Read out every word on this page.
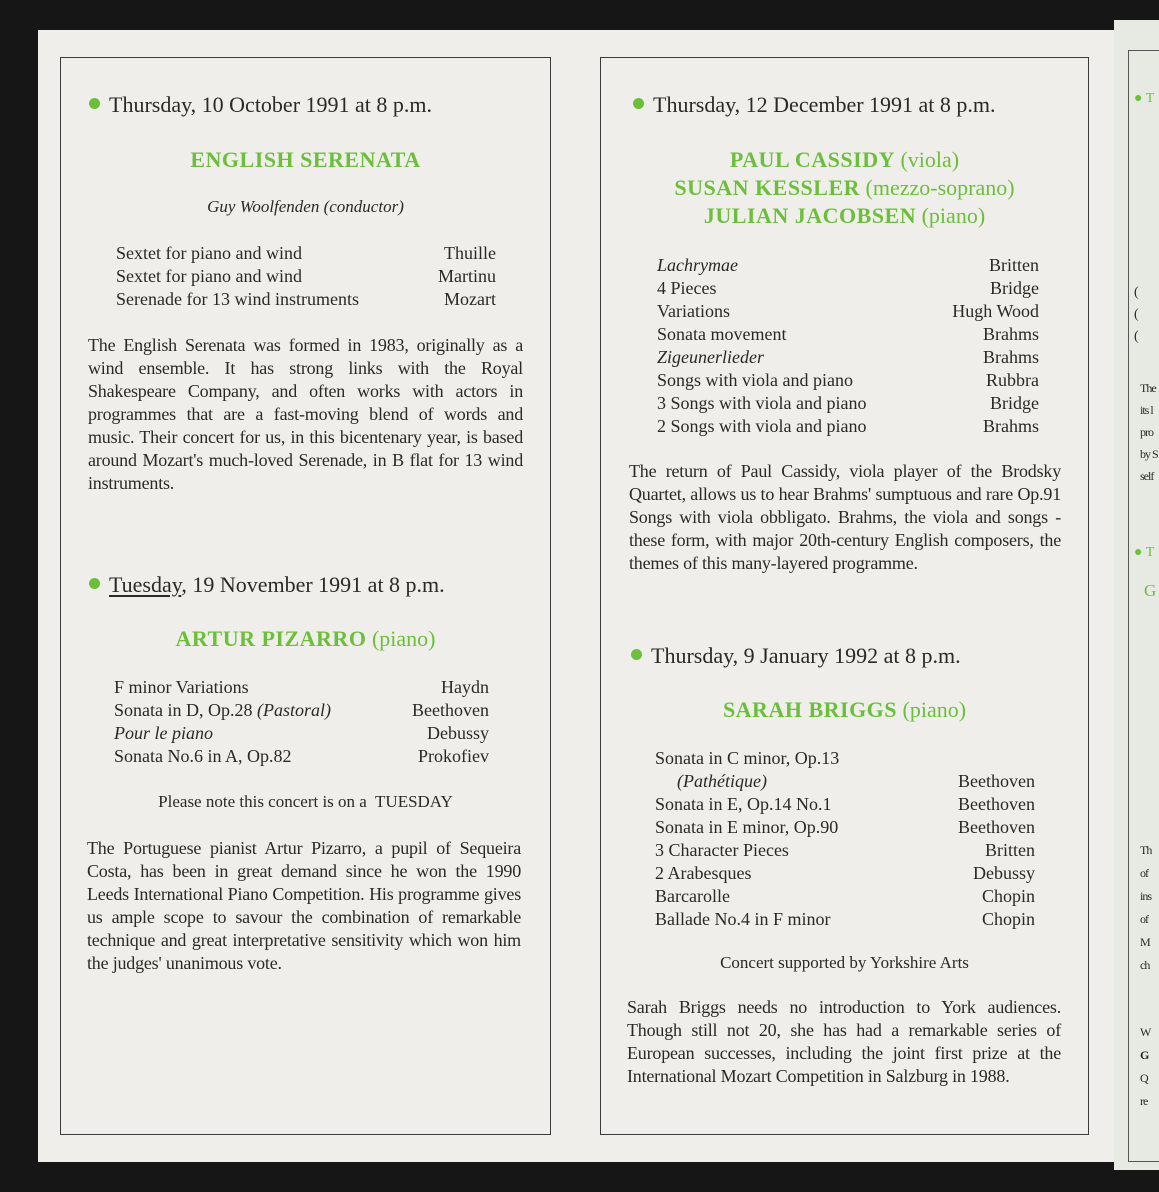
● T
(
(
(
The
its l
pro
by S
self
● T
G
Th
of
ins
of
M
ch
W
G
Q
re
Thursday, 10 October 1991 at 8 p.m.
ENGLISH SERENATA
Guy Woolfenden (conductor)
Sextet for piano and wind	Thuille
Sextet for piano and wind	Martinu
Serenade for 13 wind instruments	Mozart
The English Serenata was formed in 1983, originally as a wind ensemble. It has strong links with the Royal Shakespeare Company, and often works with actors in programmes that are a fast-moving blend of words and music. Their concert for us, in this bicentenary year, is based around Mozart's much-loved Serenade, in B flat for 13 wind instruments.
Tuesday, 19 November 1991 at 8 p.m.
ARTUR PIZARRO (piano)
F minor Variations	Haydn
Sonata in D, Op.28 (Pastoral)	Beethoven
Pour le piano	Debussy
Sonata No.6 in A, Op.82	Prokofiev
Please note this concert is on a  TUESDAY
The Portuguese pianist Artur Pizarro, a pupil of Sequeira Costa, has been in great demand since he won the 1990 Leeds International Piano Competition. His programme gives us ample scope to savour the combination of remarkable technique and great interpretative sensitivity which won him the judges' unanimous vote.
Thursday, 12 December 1991 at 8 p.m.
PAUL CASSIDY (viola)
SUSAN KESSLER (mezzo-soprano)
JULIAN JACOBSEN (piano)
Lachrymae	Britten
4 Pieces	Bridge
Variations	Hugh Wood
Sonata movement	Brahms
Zigeunerlieder	Brahms
Songs with viola and piano	Rubbra
3 Songs with viola and piano	Bridge
2 Songs with viola and piano	Brahms
The return of Paul Cassidy, viola player of the Brodsky Quartet, allows us to hear Brahms' sumptuous and rare Op.91 Songs with viola obbligato. Brahms, the viola and songs - these form, with major 20th-century English composers, the themes of this many-layered programme.
Thursday, 9 January 1992 at 8 p.m.
SARAH BRIGGS (piano)
Sonata in C minor, Op.13
(Pathétique)	Beethoven
Sonata in E, Op.14 No.1	Beethoven
Sonata in E minor, Op.90	Beethoven
3 Character Pieces	Britten
2 Arabesques	Debussy
Barcarolle	Chopin
Ballade No.4 in F minor	Chopin
Concert supported by Yorkshire Arts
Sarah Briggs needs no introduction to York audiences. Though still not 20, she has had a remarkable series of European successes, including the joint first prize at the International Mozart Competition in Salzburg in 1988.
